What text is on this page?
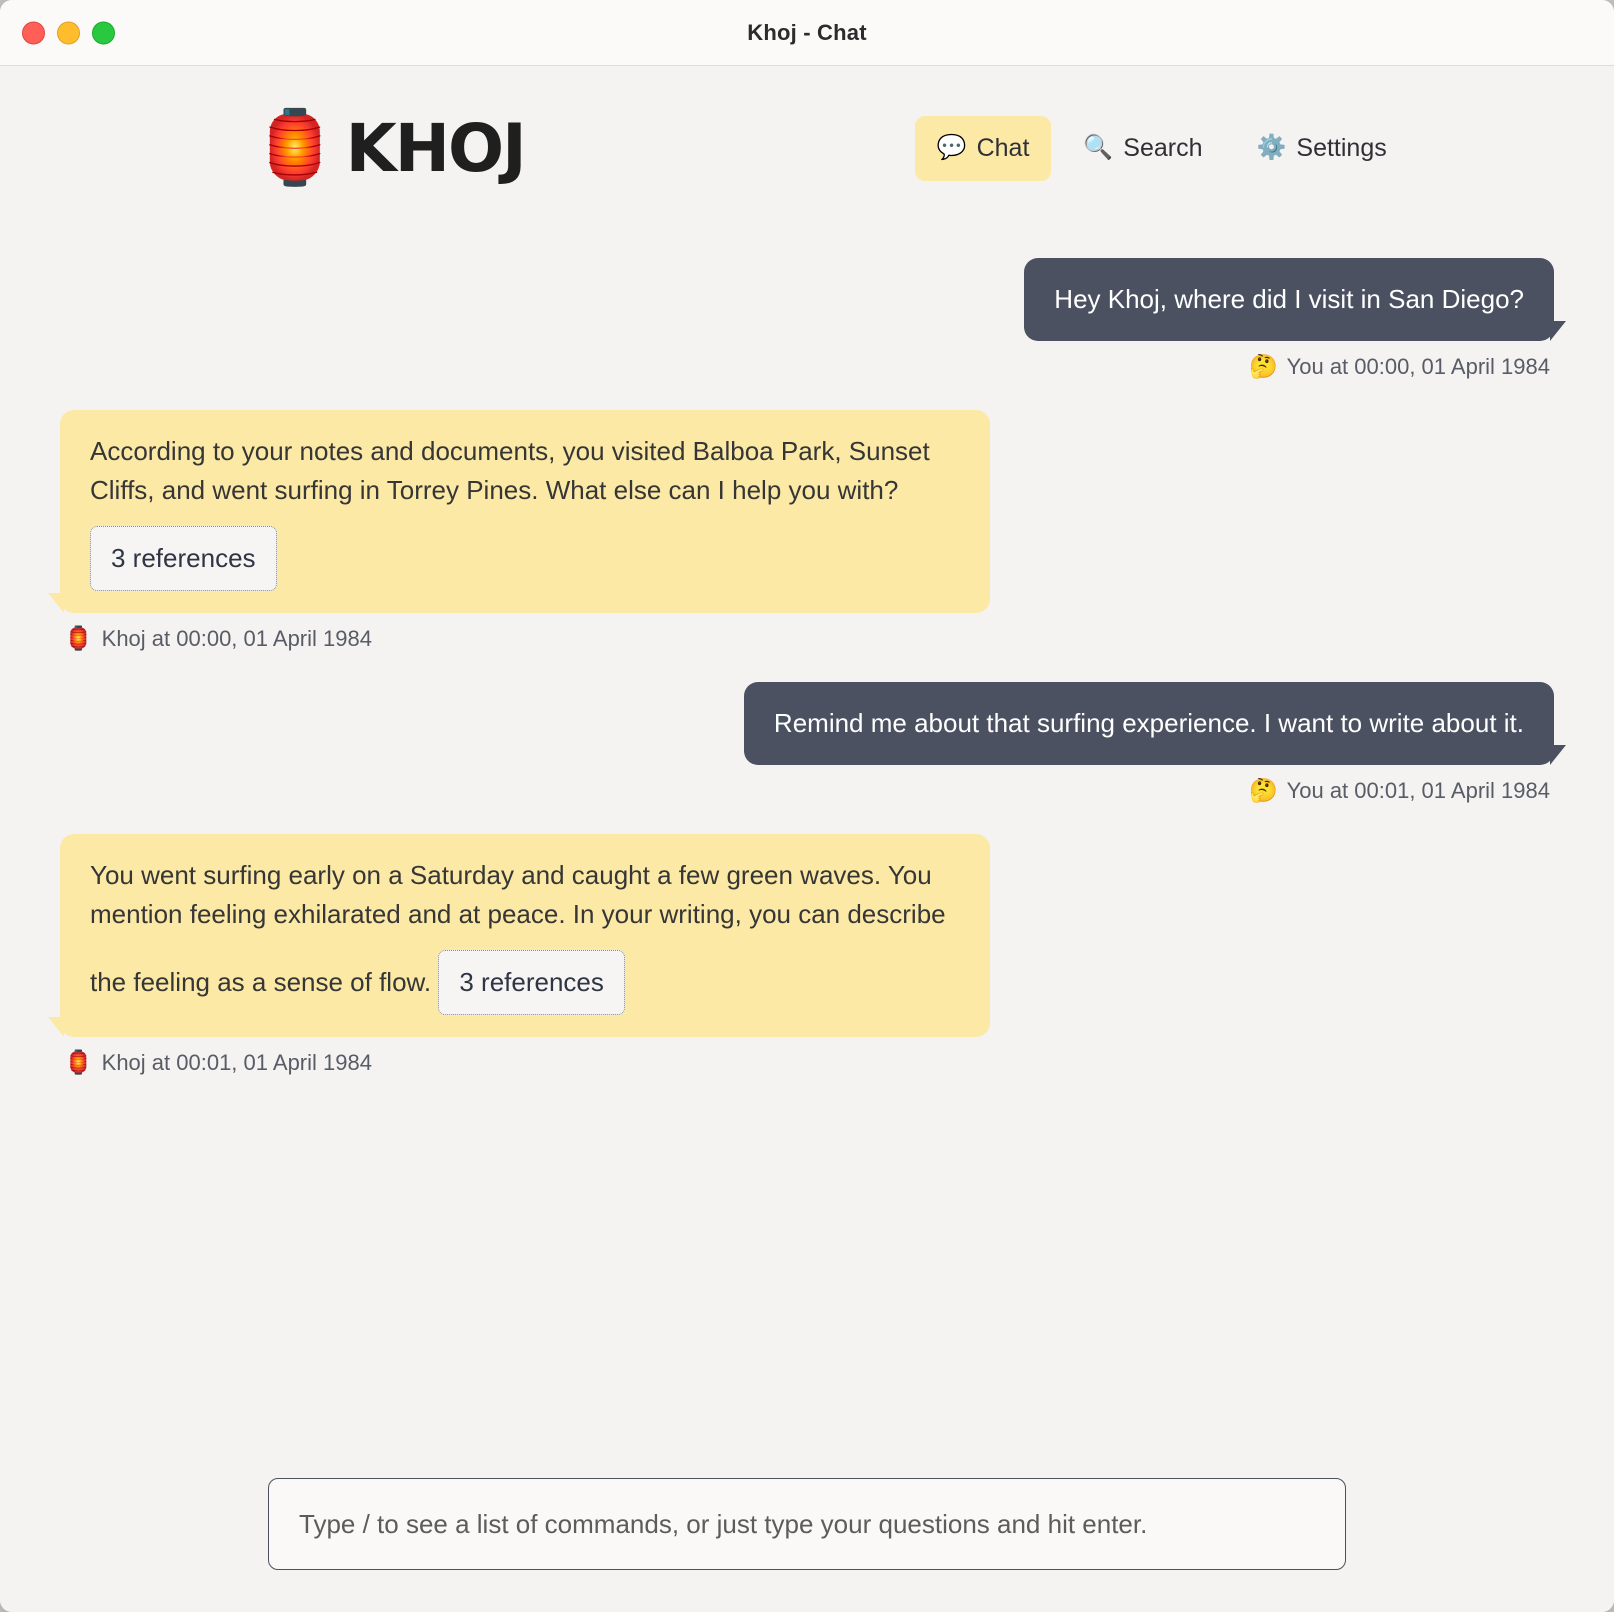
Khoj - Chat
🏮 KHOJ	💬 Chat 🔍 Search ⚙️ Settings
Hey Khoj, where did I visit in San Diego?
🤔 You at 00:00, 01 April 1984
According to your notes and documents, you visited Balboa Park, Sunset Cliffs, and went surfing in Torrey Pines. What else can I help you with? 3 references
🏮 Khoj at 00:00, 01 April 1984
Remind me about that surfing experience. I want to write about it.
🤔 You at 00:01, 01 April 1984
You went surfing early on a Saturday and caught a few green waves. You mention feeling exhilarated and at peace. In your writing, you can describe the feeling as a sense of flow. 3 references
🏮 Khoj at 00:01, 01 April 1984
Type / to see a list of commands, or just type your questions and hit enter.
